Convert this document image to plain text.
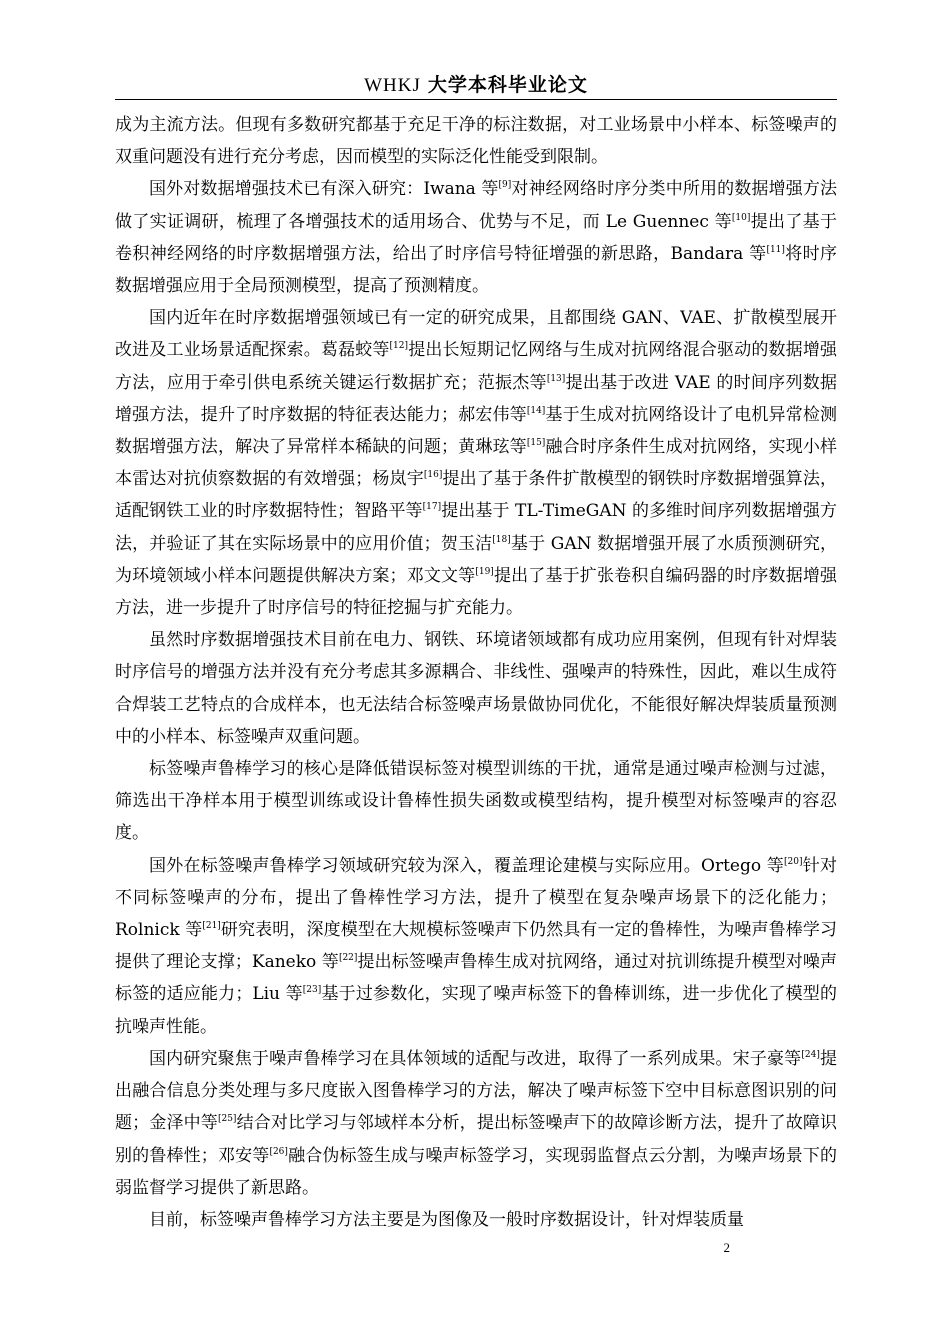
WHKJ 大学本科毕业论文

成为主流方法。但现有多数研究都基于充足干净的标注数据，对工业场景中小样本、标签噪声的双重问题没有进行充分考虑，因而模型的实际泛化性能受到限制。

国外对数据增强技术已有深入研究：Iwana 等[9]对神经网络时序分类中所用的数据增强方法做了实证调研，梳理了各增强技术的适用场合、优势与不足，而 Le Guennec 等[10]提出了基于卷积神经网络的时序数据增强方法，给出了时序信号特征增强的新思路，Bandara 等[11]将时序数据增强应用于全局预测模型，提高了预测精度。

国内近年在时序数据增强领域已有一定的研究成果，且都围绕 GAN、VAE、扩散模型展开改进及工业场景适配探索。葛磊蛟等[12]提出长短期记忆网络与生成对抗网络混合驱动的数据增强方法，应用于牵引供电系统关键运行数据扩充；范振杰等[13]提出基于改进 VAE 的时间序列数据增强方法，提升了时序数据的特征表达能力；郝宏伟等[14]基于生成对抗网络设计了电机异常检测数据增强方法，解决了异常样本稀缺的问题；黄琳玹等[15]融合时序条件生成对抗网络，实现小样本雷达对抗侦察数据的有效增强；杨岚宇[16]提出了基于条件扩散模型的钢铁时序数据增强算法，适配钢铁工业的时序数据特性；智路平等[17]提出基于 TL-TimeGAN 的多维时间序列数据增强方法，并验证了其在实际场景中的应用价值；贺玉洁[18]基于 GAN 数据增强开展了水质预测研究，为环境领域小样本问题提供解决方案；邓文文等[19]提出了基于扩张卷积自编码器的时序数据增强方法，进一步提升了时序信号的特征挖掘与扩充能力。

虽然时序数据增强技术目前在电力、钢铁、环境诸领域都有成功应用案例，但现有针对焊装时序信号的增强方法并没有充分考虑其多源耦合、非线性、强噪声的特殊性，因此，难以生成符合焊装工艺特点的合成样本，也无法结合标签噪声场景做协同优化，不能很好解决焊装质量预测中的小样本、标签噪声双重问题。

标签噪声鲁棒学习的核心是降低错误标签对模型训练的干扰，通常是通过噪声检测与过滤，筛选出干净样本用于模型训练或设计鲁棒性损失函数或模型结构，提升模型对标签噪声的容忍度。

国外在标签噪声鲁棒学习领域研究较为深入，覆盖理论建模与实际应用。Ortego 等[20]针对不同标签噪声的分布，提出了鲁棒性学习方法，提升了模型在复杂噪声场景下的泛化能力；Rolnick 等[21]研究表明，深度模型在大规模标签噪声下仍然具有一定的鲁棒性，为噪声鲁棒学习提供了理论支撑；Kaneko 等[22]提出标签噪声鲁棒生成对抗网络，通过对抗训练提升模型对噪声标签的适应能力；Liu 等[23]基于过参数化，实现了噪声标签下的鲁棒训练，进一步优化了模型的抗噪声性能。

国内研究聚焦于噪声鲁棒学习在具体领域的适配与改进，取得了一系列成果。宋子豪等[24]提出融合信息分类处理与多尺度嵌入图鲁棒学习的方法，解决了噪声标签下空中目标意图识别的问题；金泽中等[25]结合对比学习与邻域样本分析，提出标签噪声下的故障诊断方法，提升了故障识别的鲁棒性；邓安等[26]融合伪标签生成与噪声标签学习，实现弱监督点云分割，为噪声场景下的弱监督学习提供了新思路。

目前，标签噪声鲁棒学习方法主要是为图像及一般时序数据设计，针对焊装质量

2
